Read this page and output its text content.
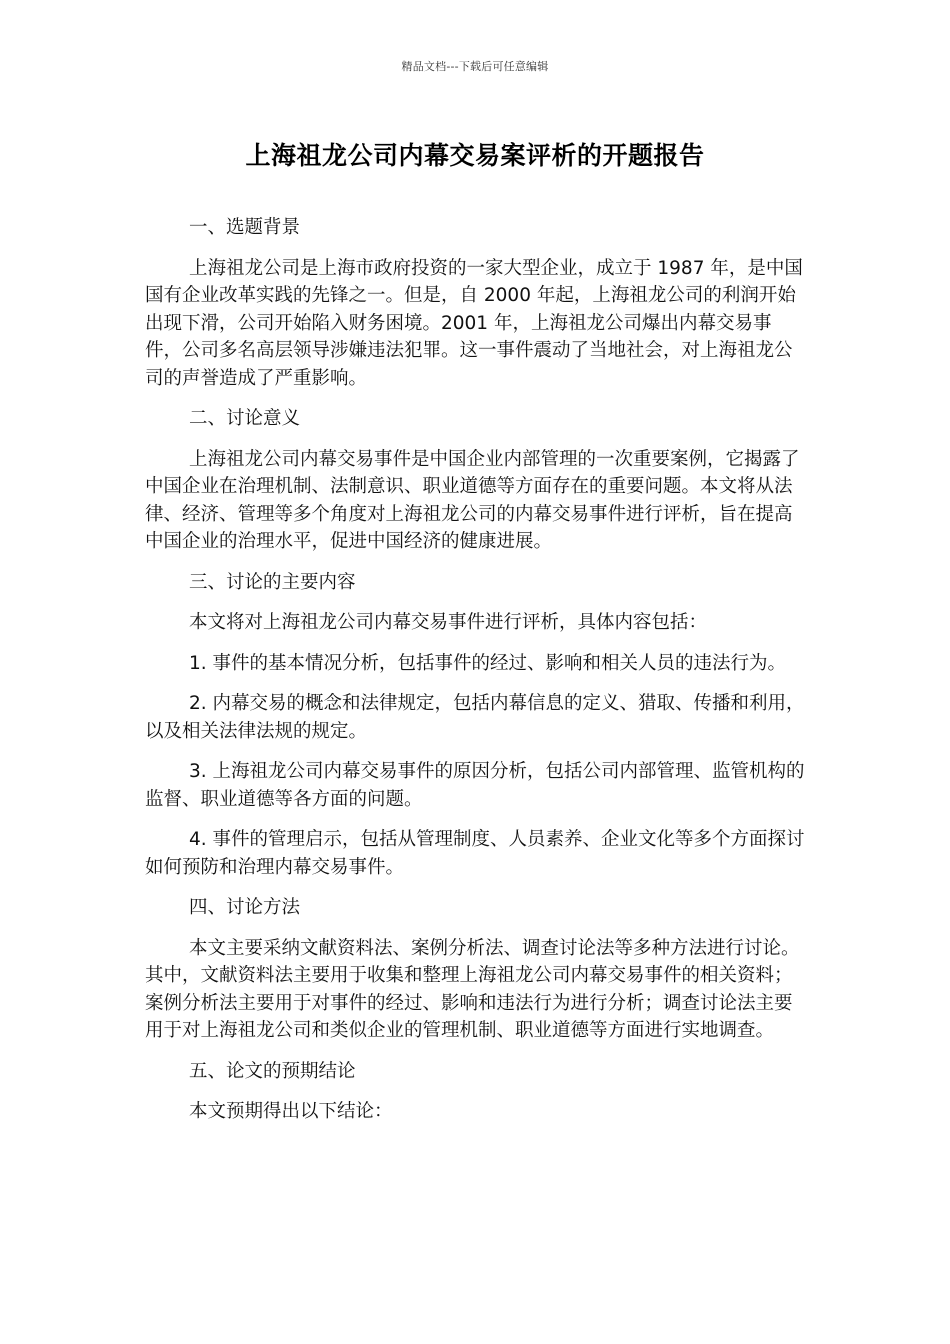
精品文档---下载后可任意编辑
上海祖龙公司内幕交易案评析的开题报告

一、选题背景

上海祖龙公司是上海市政府投资的一家大型企业，成立于 1987 年，是中国国有企业改革实践的先锋之一。但是，自 2000 年起，上海祖龙公司的利润开始出现下滑，公司开始陷入财务困境。2001 年，上海祖龙公司爆出内幕交易事件，公司多名高层领导涉嫌违法犯罪。这一事件震动了当地社会，对上海祖龙公司的声誉造成了严重影响。

二、讨论意义

上海祖龙公司内幕交易事件是中国企业内部管理的一次重要案例，它揭露了中国企业在治理机制、法制意识、职业道德等方面存在的重要问题。本文将从法律、经济、管理等多个角度对上海祖龙公司的内幕交易事件进行评析，旨在提高中国企业的治理水平，促进中国经济的健康进展。

三、讨论的主要内容

本文将对上海祖龙公司内幕交易事件进行评析，具体内容包括：

1. 事件的基本情况分析，包括事件的经过、影响和相关人员的违法行为。

2. 内幕交易的概念和法律规定，包括内幕信息的定义、猎取、传播和利用，以及相关法律法规的规定。

3. 上海祖龙公司内幕交易事件的原因分析，包括公司内部管理、监管机构的监督、职业道德等各方面的问题。

4. 事件的管理启示，包括从管理制度、人员素养、企业文化等多个方面探讨如何预防和治理内幕交易事件。

四、讨论方法

本文主要采纳文献资料法、案例分析法、调查讨论法等多种方法进行讨论。其中，文献资料法主要用于收集和整理上海祖龙公司内幕交易事件的相关资料；案例分析法主要用于对事件的经过、影响和违法行为进行分析；调查讨论法主要用于对上海祖龙公司和类似企业的管理机制、职业道德等方面进行实地调查。

五、论文的预期结论

本文预期得出以下结论：
